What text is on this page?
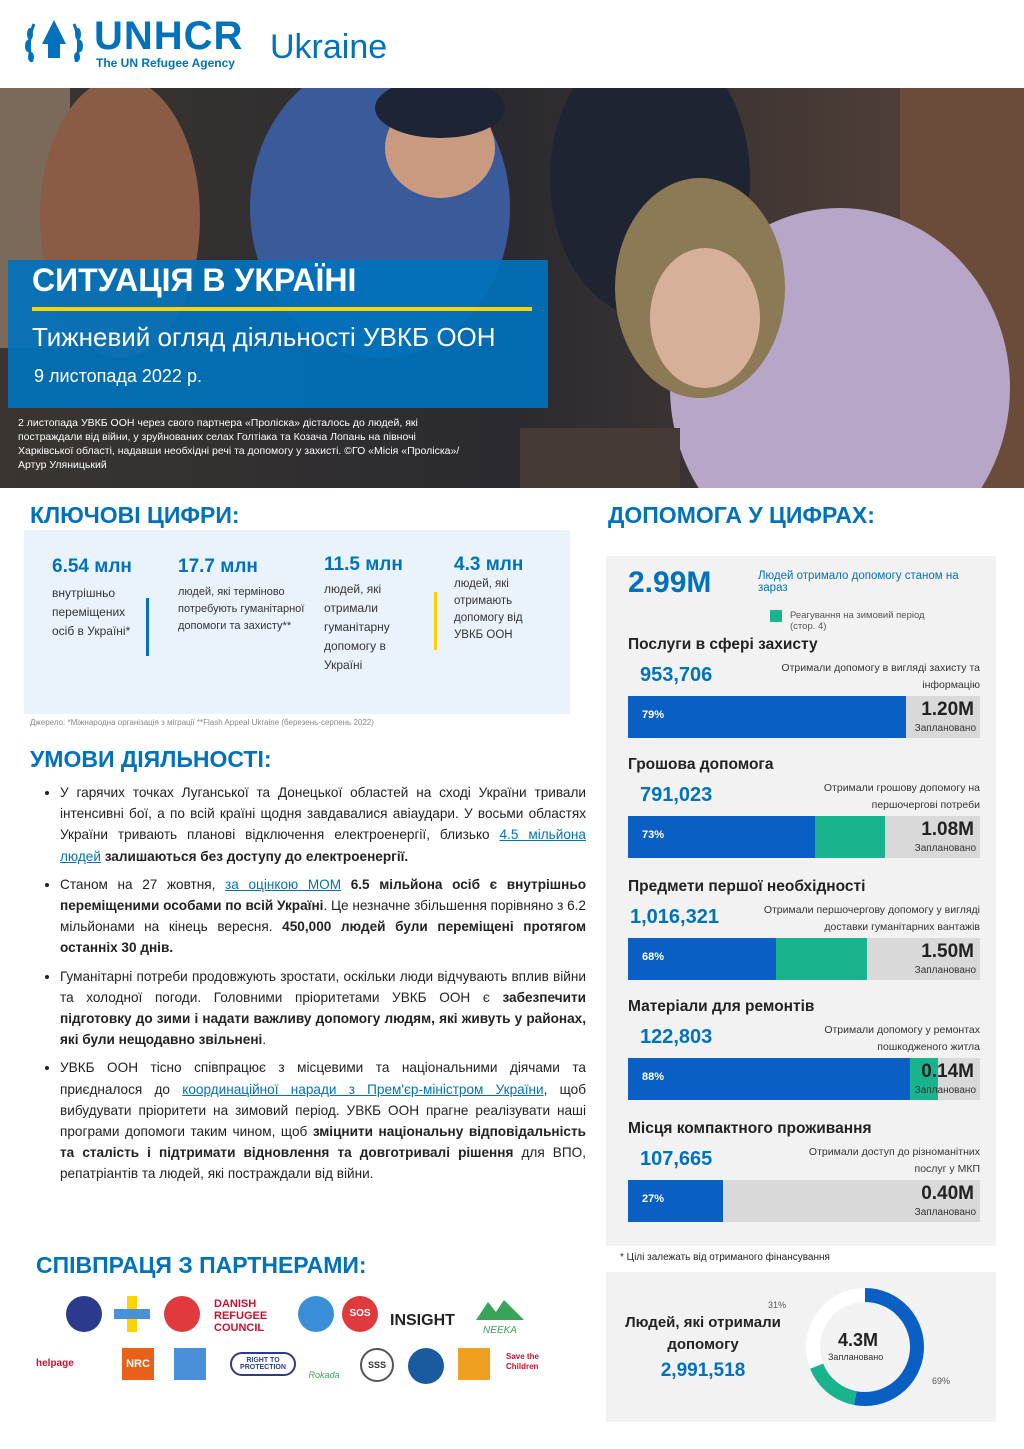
UNHCR
The UN Refugee Agency Ukraine
СИТУАЦІЯ В УКРАЇНІ
Тижневий огляд діяльності УВКБ ООН
9 листопада 2022 р.
2 листопада УВКБ ООН через свого партнера «Проліска» дісталось до людей, які постраждали від війни, у зруйнованих селах Голтіака та Козача Лопань на півночі Харківської області, надавши необхідні речі та допомогу у захисті. ©ГО «Місія «Проліска»/Артур Уляницький
КЛЮЧОВІ ЦИФРИ:
6.54 млн
внутрішньо переміщених осіб в Україні*
17.7 млн
людей, які терміново потребують гуманітарної допомоги та захисту**
11.5 млн
людей, які отримали гуманітарну допомогу в Україні
4.3 млн
людей, які отримають допомогу від УВКБ ООН
Джерело: *Міжнародна організація з міграції **Flash Appeal Ukraine (березень-серпень 2022)
УМОВИ ДІЯЛЬНОСТІ:
• У гарячих точках Луганської та Донецької областей на сході України тривали інтенсивні бої, а по всій країні щодня завдавалися авіаудари. У восьми областях України тривають планові відключення електроенергії, близько 4.5 мільйона людей залишаються без доступу до електроенергії.
• Станом на 27 жовтня, за оцінкою МОМ 6.5 мільйона осіб є внутрішньо переміщеними особами по всій Україні. Це незначне збільшення порівняно з 6.2 мільйонами на кінець вересня. 450,000 людей були переміщені протягом останніх 30 днів.
• Гуманітарні потреби продовжують зростати, оскільки люди відчувають вплив війни та холодної погоди. Головними пріоритетами УВКБ ООН є забезпечити підготовку до зими і надати важливу допомогу людям, які живуть у районах, які були нещодавно звільнені.
• УВКБ ООН тісно співпрацює з місцевими та національними діячами та приєдналося до координаційної наради з Прем'єр-міністром України, щоб вибудувати пріоритети на зимовий період. УВКБ ООН прагне реалізувати наші програми допомоги таким чином, щоб зміцнити національну відповідальність та сталість і підтримати відновлення та довготривалі рішення для ВПО, репатріантів та людей, які постраждали від війни.
СПІВПРАЦЯ З ПАРТНЕРАМИ:
DANISH REFUGEE COUNCIL
SOS	INSIGHT
NEEKA
helpage	NRC	RIGHT TO PROTECTION
Rokada
SSS
Save the Children
ДОПОМОГА У ЦИФРАХ:
2.99M	Людей отримало допомогу станом на зараз
Реагування на зимовий період (стор. 4)
Послуги в сфері захисту
953,706	Отримали допомогу в вигляді захисту та інформацію
79%	1.20M
Заплановано
Грошова допомога
791,023	Отримали грошову допомогу на першочергові потреби
73%	1.08M
Заплановано
Предмети першої необхідності
1,016,321	Отримали першочергову допомогу у вигляді доставки гуманітарних вантажів
68%	1.50M
Заплановано
Матеріали для ремонтів
122,803	Отримали допомогу у ремонтах пошкодженого житла
88%	0.14M
Заплановано
Місця компактного проживання
107,665	Отримали доступ до різноманітних послуг у МКП
27%	0.40M
Заплановано
* Цілі залежать від отриманого фінансування
Людей, які отримали допомогу
2,991,518
4.3M
Заплановано
31%
69%
